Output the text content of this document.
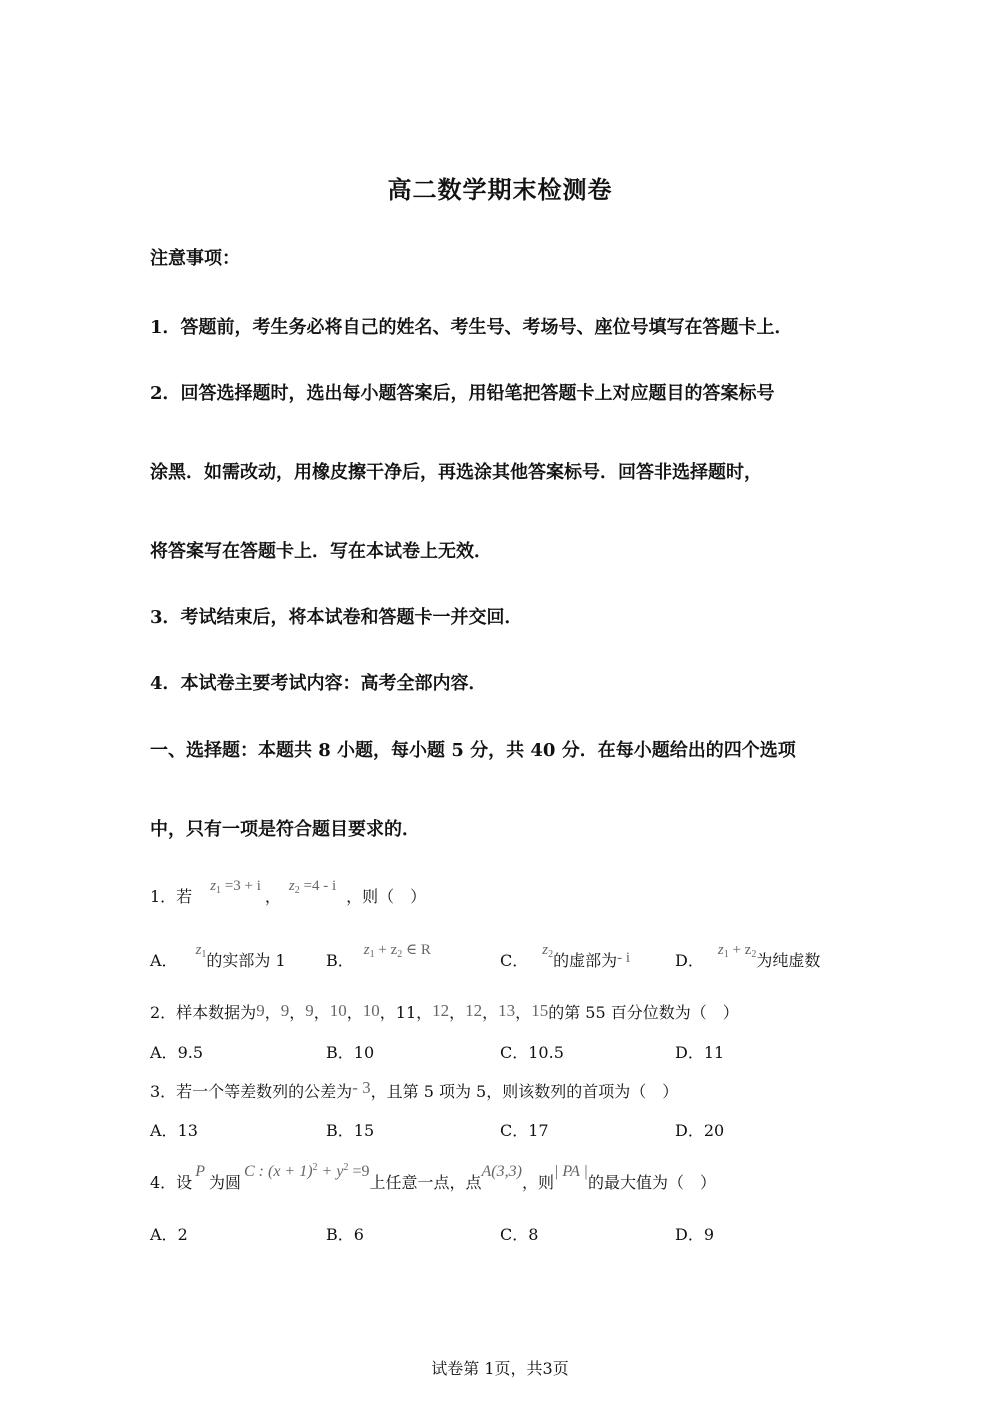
高二数学期末检测卷
注意事项：
1．答题前，考生务必将自己的姓名、考生号、考场号、座位号填写在答题卡上．
2．回答选择题时，选出每小题答案后，用铅笔把答题卡上对应题目的答案标号
涂黑．如需改动，用橡皮擦干净后，再选涂其他答案标号．回答非选择题时，
将答案写在答题卡上．写在本试卷上无效．
3．考试结束后，将本试卷和答题卡一并交回．
4．本试卷主要考试内容：高考全部内容．
一、选择题：本题共 8 小题，每小题 5 分，共 40 分．在每小题给出的四个选项
中，只有一项是符合题目要求的．
1．若z1 =3 + i，z2 =4 - i，则（　）
A．z1的实部为 1	B．z1 + z2 ∈ R
C．z2的虚部为- i	D．z1 + z2为纯虚数
2．样本数据为9，9，9，10，10，11，12，12，13，15的第 55 百分位数为（　）
A．9.5	B．10	C．10.5	D．11
3．若一个等差数列的公差为- 3，且第 5 项为 5，则该数列的首项为（　）
A．13	B．15	C．17	D．20
4．设P为圆C : $(x + 1)^2 + y^2 =9$上任意一点，点A(3,3)，则| PA |的最大值为（　）
A．2	B．6	C．8	D．9
试卷第 1页，共3页
